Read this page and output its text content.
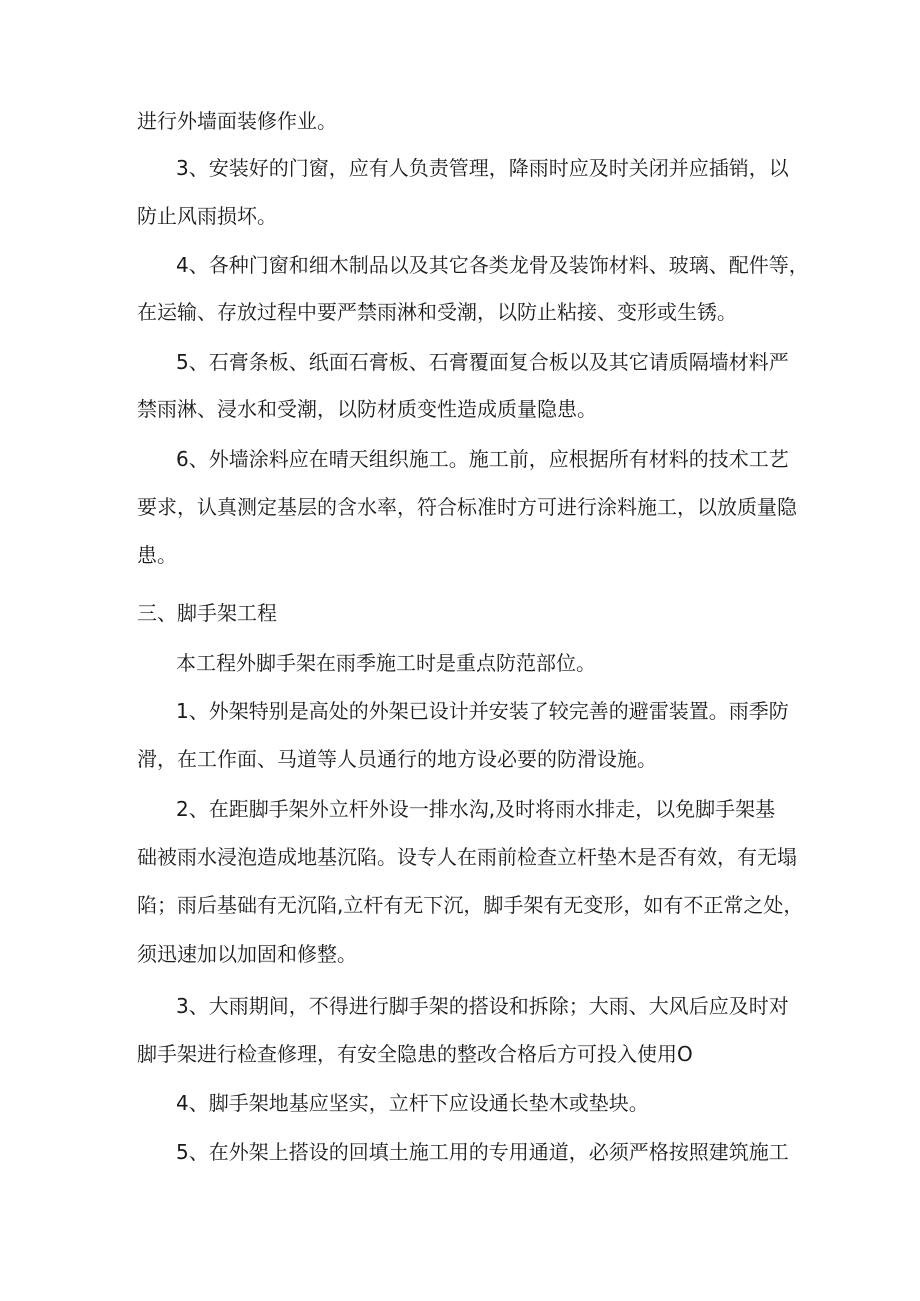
进行外墙面装修作业。
3、安装好的门窗，应有人负责管理，降雨时应及时关闭并应插销，以
防止风雨损坏。
4、各种门窗和细木制品以及其它各类龙骨及装饰材料、玻璃、配件等，
在运输、存放过程中要严禁雨淋和受潮，以防止粘接、变形或生锈。
5、石膏条板、纸面石膏板、石膏覆面复合板以及其它请质隔墙材料严
禁雨淋、浸水和受潮，以防材质变性造成质量隐患。
6、外墙涂料应在晴天组织施工。施工前，应根据所有材料的技术工艺
要求，认真测定基层的含水率，符合标准时方可进行涂料施工，以放质量隐
患。
三、脚手架工程
本工程外脚手架在雨季施工时是重点防范部位。
1、外架特别是高处的外架已设计并安装了较完善的避雷装置。雨季防
滑，在工作面、马道等人员通行的地方设必要的防滑设施。
2、在距脚手架外立杆外设一排水沟,及时将雨水排走，以免脚手架基
础被雨水浸泡造成地基沉陷。设专人在雨前检查立杆垫木是否有效，有无塌
陷；雨后基础有无沉陷,立杆有无下沉，脚手架有无变形，如有不正常之处，
须迅速加以加固和修整。
3、大雨期间，不得进行脚手架的搭设和拆除；大雨、大风后应及时对
脚手架进行检查修理，有安全隐患的整改合格后方可投入使用O
4、脚手架地基应坚实，立杆下应设通长垫木或垫块。
5、在外架上搭设的回填土施工用的专用通道，必须严格按照建筑施工
